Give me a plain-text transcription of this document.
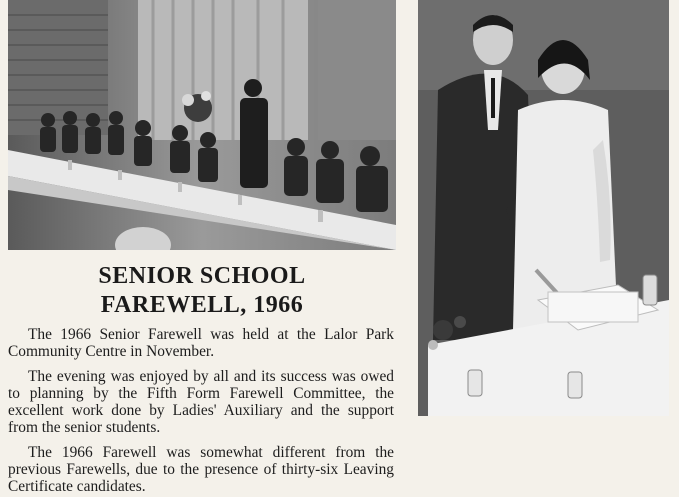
SENIOR SCHOOL
FAREWELL, 1966

The 1966 Senior Farewell was held at the Lalor Park Community Centre in November.

The evening was enjoyed by all and its success was owed to planning by the Fifth Form Farewell Committee, the excellent work done by Ladies' Auxiliary and the support from the senior students.

The 1966 Farewell was somewhat different from the previous Farewells, due to the presence of thirty-six Leaving Certificate candidates.
